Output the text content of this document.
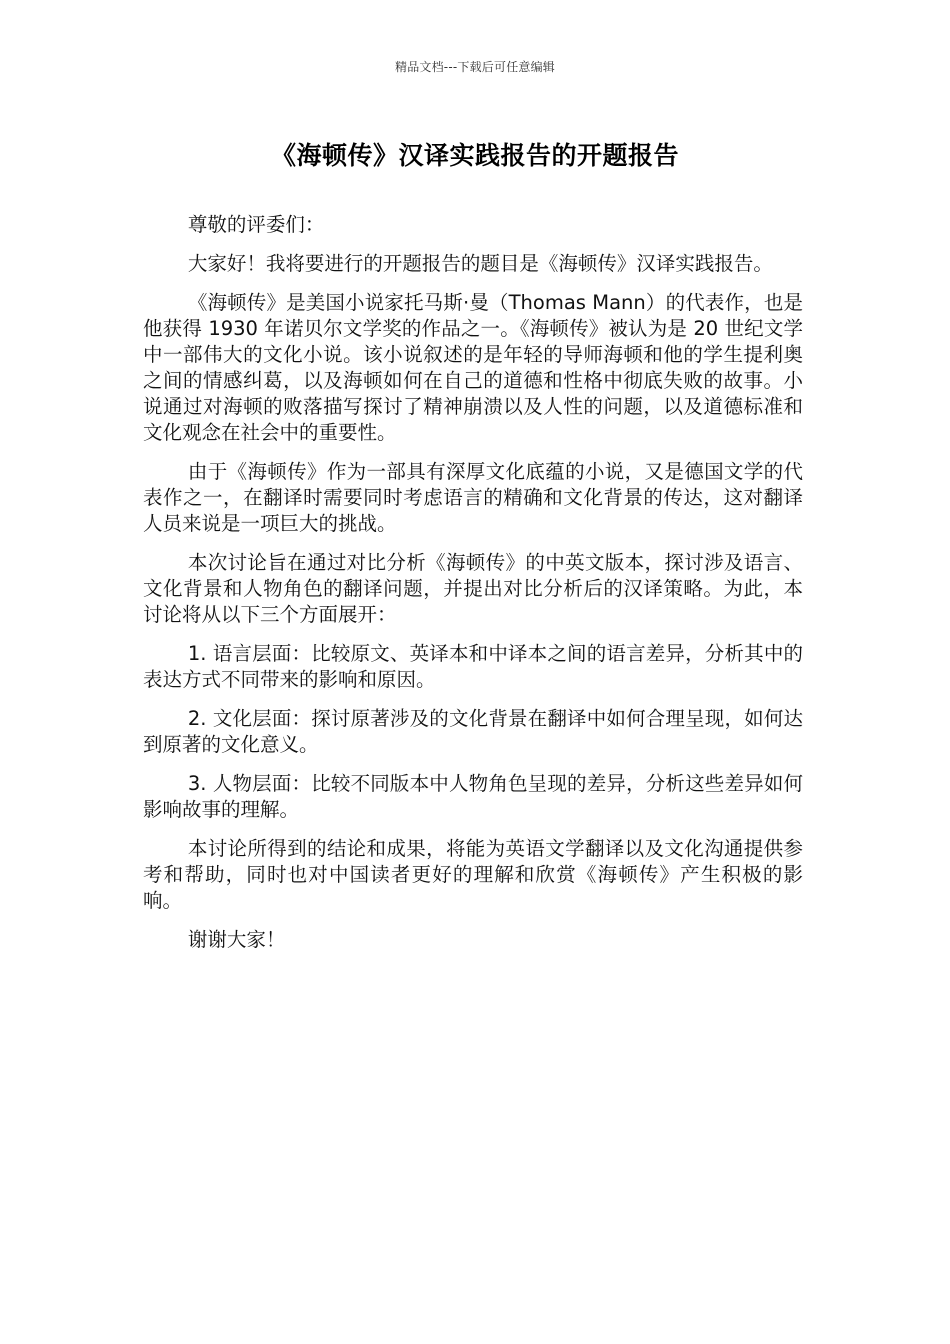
精品文档---下载后可任意编辑
《海顿传》汉译实践报告的开题报告

尊敬的评委们：

大家好！我将要进行的开题报告的题目是《海顿传》汉译实践报告。

《海顿传》是美国小说家托马斯·曼（Thomas Mann）的代表作，也是他获得 1930 年诺贝尔文学奖的作品之一。《海顿传》被认为是 20 世纪文学中一部伟大的文化小说。该小说叙述的是年轻的导师海顿和他的学生提利奥之间的情感纠葛，以及海顿如何在自己的道德和性格中彻底失败的故事。小说通过对海顿的败落描写探讨了精神崩溃以及人性的问题，以及道德标准和文化观念在社会中的重要性。

由于《海顿传》作为一部具有深厚文化底蕴的小说，又是德国文学的代表作之一，在翻译时需要同时考虑语言的精确和文化背景的传达，这对翻译人员来说是一项巨大的挑战。

本次讨论旨在通过对比分析《海顿传》的中英文版本，探讨涉及语言、文化背景和人物角色的翻译问题，并提出对比分析后的汉译策略。为此，本讨论将从以下三个方面展开：

1. 语言层面：比较原文、英译本和中译本之间的语言差异，分析其中的表达方式不同带来的影响和原因。

2. 文化层面：探讨原著涉及的文化背景在翻译中如何合理呈现，如何达到原著的文化意义。

3. 人物层面：比较不同版本中人物角色呈现的差异，分析这些差异如何影响故事的理解。

本讨论所得到的结论和成果，将能为英语文学翻译以及文化沟通提供参考和帮助，同时也对中国读者更好的理解和欣赏《海顿传》产生积极的影响。

谢谢大家！
